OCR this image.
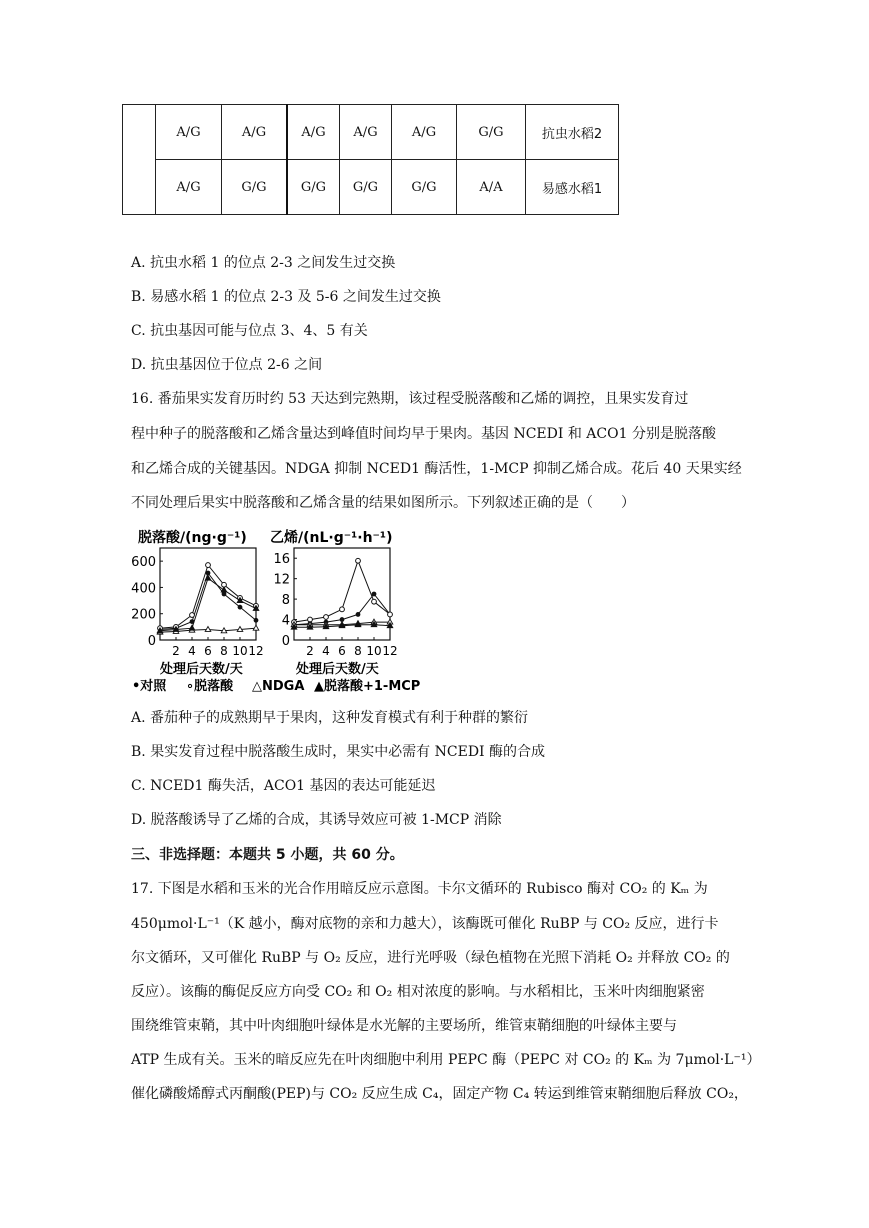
	A/G	A/G	A/G	A/G	A/G	G/G	抗虫水稻2
	A/G	G/G	G/G	G/G	G/G	A/A	易感水稻1
A. 抗虫水稻 1 的位点 2-3 之间发生过交换
B. 易感水稻 1 的位点 2-3 及 5-6 之间发生过交换
C. 抗虫基因可能与位点 3、4、5 有关
D. 抗虫基因位于位点 2-6 之间
16. 番茄果实发育历时约 53 天达到完熟期，该过程受脱落酸和乙烯的调控，且果实发育过
程中种子的脱落酸和乙烯含量达到峰值时间均早于果肉。基因 NCEDI 和 ACO1 分别是脱落酸
和乙烯合成的关键基因。NDGA 抑制 NCED1 酶活性，1-MCP 抑制乙烯合成。花后 40 天果实经
不同处理后果实中脱落酸和乙烯含量的结果如图所示。下列叙述正确的是（　　）
脱落酸/(ng·g⁻¹)
处理后天数/天
0
200
400
600
2 4 6 8 10 12
乙烯/(nL·g⁻¹·h⁻¹)
处理后天数/天
0
4
8
12
16
2 4 6 8 10 12
•对照 ∘脱落酸 △NDGA ▲脱落酸+1-MCP
A. 番茄种子的成熟期早于果肉，这种发育模式有利于种群的繁衍
B. 果实发育过程中脱落酸生成时，果实中必需有 NCEDI 酶的合成
C. NCED1 酶失活，ACO1 基因的表达可能延迟
D. 脱落酸诱导了乙烯的合成，其诱导效应可被 1-MCP 消除
三、非选择题：本题共 5 小题，共 60 分。
17. 下图是水稻和玉米的光合作用暗反应示意图。卡尔文循环的 Rubisco 酶对 CO₂ 的 Kₘ 为
450μmol·L⁻¹（K 越小，酶对底物的亲和力越大），该酶既可催化 RuBP 与 CO₂ 反应，进行卡
尔文循环，又可催化 RuBP 与 O₂ 反应，进行光呼吸（绿色植物在光照下消耗 O₂ 并释放 CO₂ 的
反应）。该酶的酶促反应方向受 CO₂ 和 O₂ 相对浓度的影响。与水稻相比，玉米叶肉细胞紧密
围绕维管束鞘，其中叶肉细胞叶绿体是水光解的主要场所，维管束鞘细胞的叶绿体主要与
ATP 生成有关。玉米的暗反应先在叶肉细胞中利用 PEPC 酶（PEPC 对 CO₂ 的 Kₘ 为 7μmol·L⁻¹）
催化磷酸烯醇式丙酮酸(PEP)与 CO₂ 反应生成 C₄，固定产物 C₄ 转运到维管束鞘细胞后释放 CO₂，
